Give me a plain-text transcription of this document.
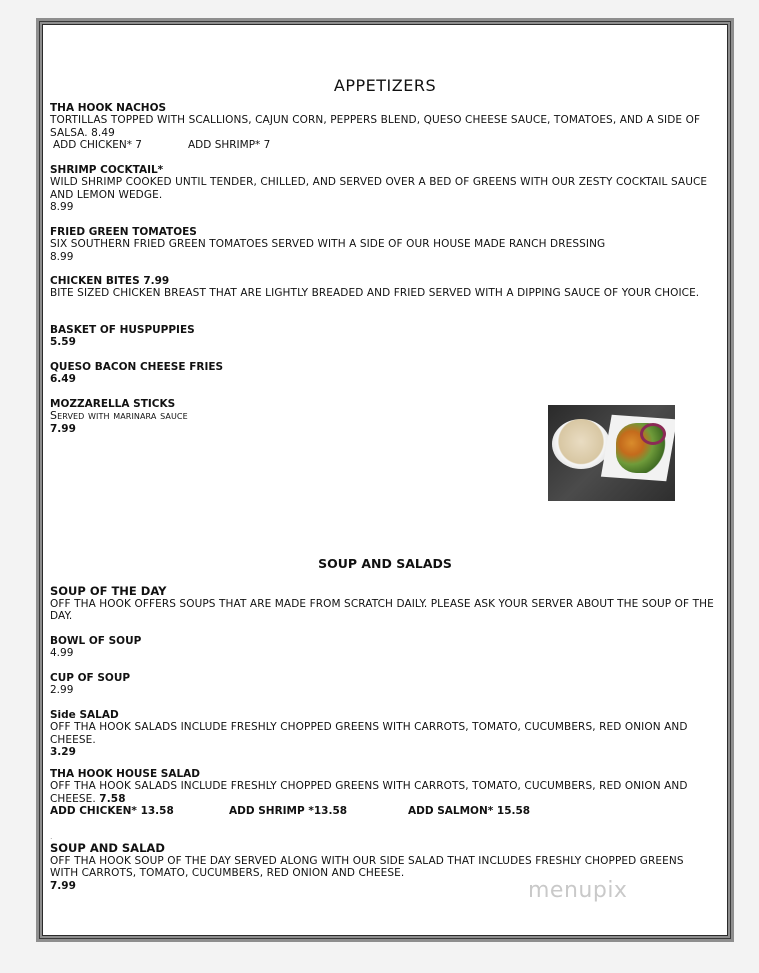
APPETIZERS
THA HOOK NACHOS
TORTILLAS TOPPED WITH SCALLIONS, CAJUN CORN, PEPPERS BLEND, QUESO CHEESE SAUCE, TOMATOES, AND A SIDE OF SALSA. 8.49
ADD CHICKEN* 7	ADD SHRIMP* 7
SHRIMP COCKTAIL*
WILD SHRIMP COOKED UNTIL TENDER, CHILLED, AND SERVED OVER A BED OF GREENS WITH OUR ZESTY COCKTAIL SAUCE AND LEMON WEDGE.
8.99
FRIED GREEN TOMATOES
SIX SOUTHERN FRIED GREEN TOMATOES SERVED WITH A SIDE OF OUR HOUSE MADE RANCH DRESSING
8.99
CHICKEN BITES 7.99
BITE SIZED CHICKEN BREAST THAT ARE LIGHTLY BREADED AND FRIED SERVED WITH A DIPPING SAUCE OF YOUR CHOICE.
BASKET OF HUSPUPPIES
5.59
QUESO BACON CHEESE FRIES
6.49
MOZZARELLA STICKS
Served with marinara sauce
7.99
SOUP AND SALADS
SOUP OF THE DAY
OFF THA HOOK OFFERS SOUPS THAT ARE MADE FROM SCRATCH DAILY. PLEASE ASK YOUR SERVER ABOUT THE SOUP OF THE DAY.
BOWL OF SOUP
4.99
CUP OF SOUP
2.99
Side SALAD
OFF THA HOOK SALADS INCLUDE FRESHLY CHOPPED GREENS WITH CARROTS, TOMATO, CUCUMBERS, RED ONION AND CHEESE.
3.29
THA HOOK HOUSE SALAD
OFF THA HOOK SALADS INCLUDE FRESHLY CHOPPED GREENS WITH CARROTS, TOMATO, CUCUMBERS, RED ONION AND CHEESE. 7.58
ADD CHICKEN* 13.58	ADD SHRIMP *13.58	ADD SALMON* 15.58
.
SOUP AND SALAD
OFF THA HOOK SOUP OF THE DAY SERVED ALONG WITH OUR SIDE SALAD THAT INCLUDES FRESHLY CHOPPED GREENS WITH CARROTS, TOMATO, CUCUMBERS, RED ONION AND CHEESE.
7.99	menupix
